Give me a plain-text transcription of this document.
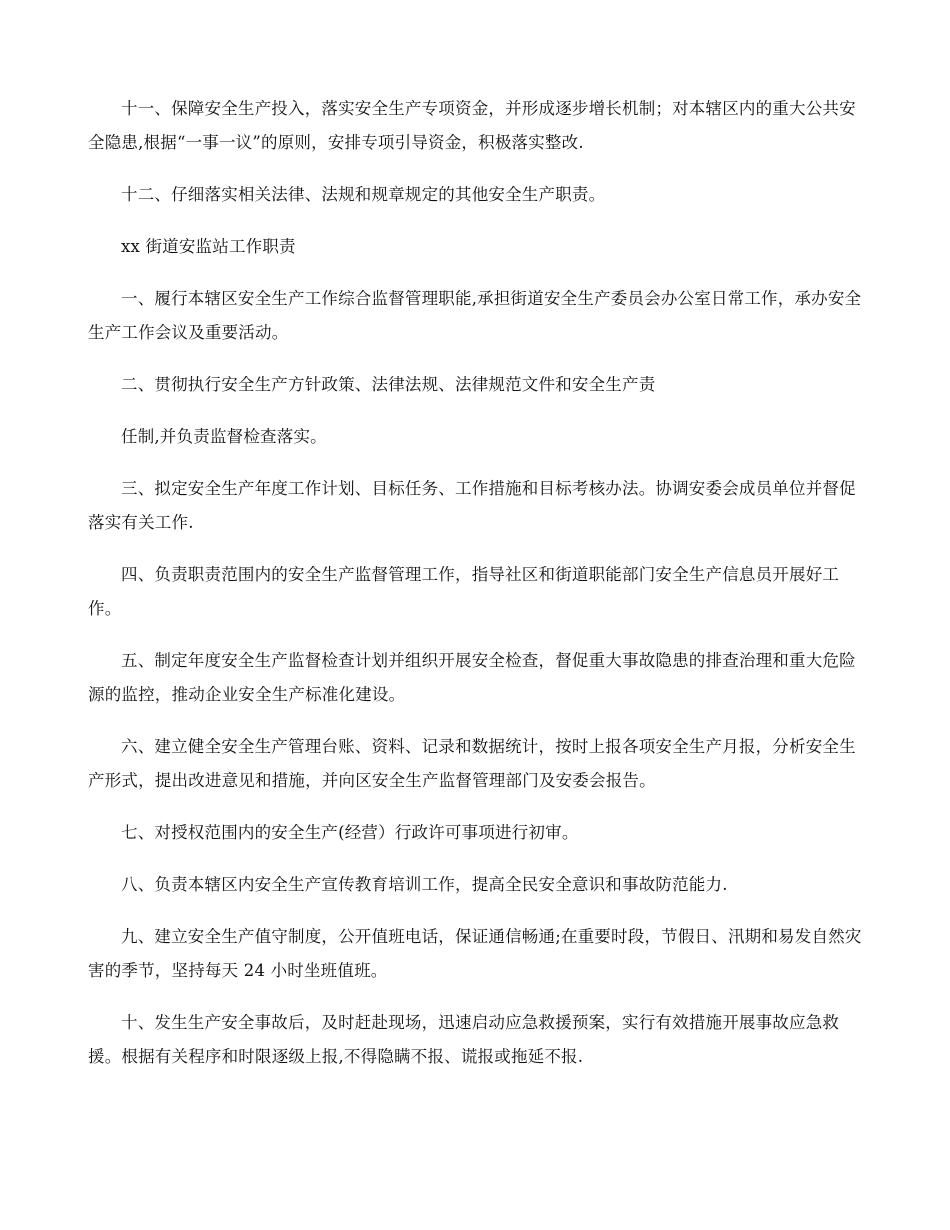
十一、保障安全生产投入，落实安全生产专项资金，并形成逐步增长机制；对本辖区内的重大公共安全隐患,根据“一事一议”的原则，安排专项引导资金，积极落实整改.

十二、仔细落实相关法律、法规和规章规定的其他安全生产职责。

xx 街道安监站工作职责

一、履行本辖区安全生产工作综合监督管理职能,承担街道安全生产委员会办公室日常工作，承办安全生产工作会议及重要活动。

二、贯彻执行安全生产方针政策、法律法规、法律规范文件和安全生产责

任制,并负责监督检查落实。

三、拟定安全生产年度工作计划、目标任务、工作措施和目标考核办法。协调安委会成员单位并督促落实有关工作.

四、负责职责范围内的安全生产监督管理工作，指导社区和街道职能部门安全生产信息员开展好工作。

五、制定年度安全生产监督检查计划并组织开展安全检查，督促重大事故隐患的排查治理和重大危险源的监控，推动企业安全生产标准化建设。

六、建立健全安全生产管理台账、资料、记录和数据统计，按时上报各项安全生产月报，分析安全生产形式，提出改进意见和措施，并向区安全生产监督管理部门及安委会报告。

七、对授权范围内的安全生产(经营）行政许可事项进行初审。

八、负责本辖区内安全生产宣传教育培训工作，提高全民安全意识和事故防范能力.

九、建立安全生产值守制度，公开值班电话，保证通信畅通;在重要时段，节假日、汛期和易发自然灾害的季节，坚持每天 24 小时坐班值班。

十、发生生产安全事故后，及时赶赴现场，迅速启动应急救援预案，实行有效措施开展事故应急救援。根据有关程序和时限逐级上报,不得隐瞒不报、谎报或拖延不报.
